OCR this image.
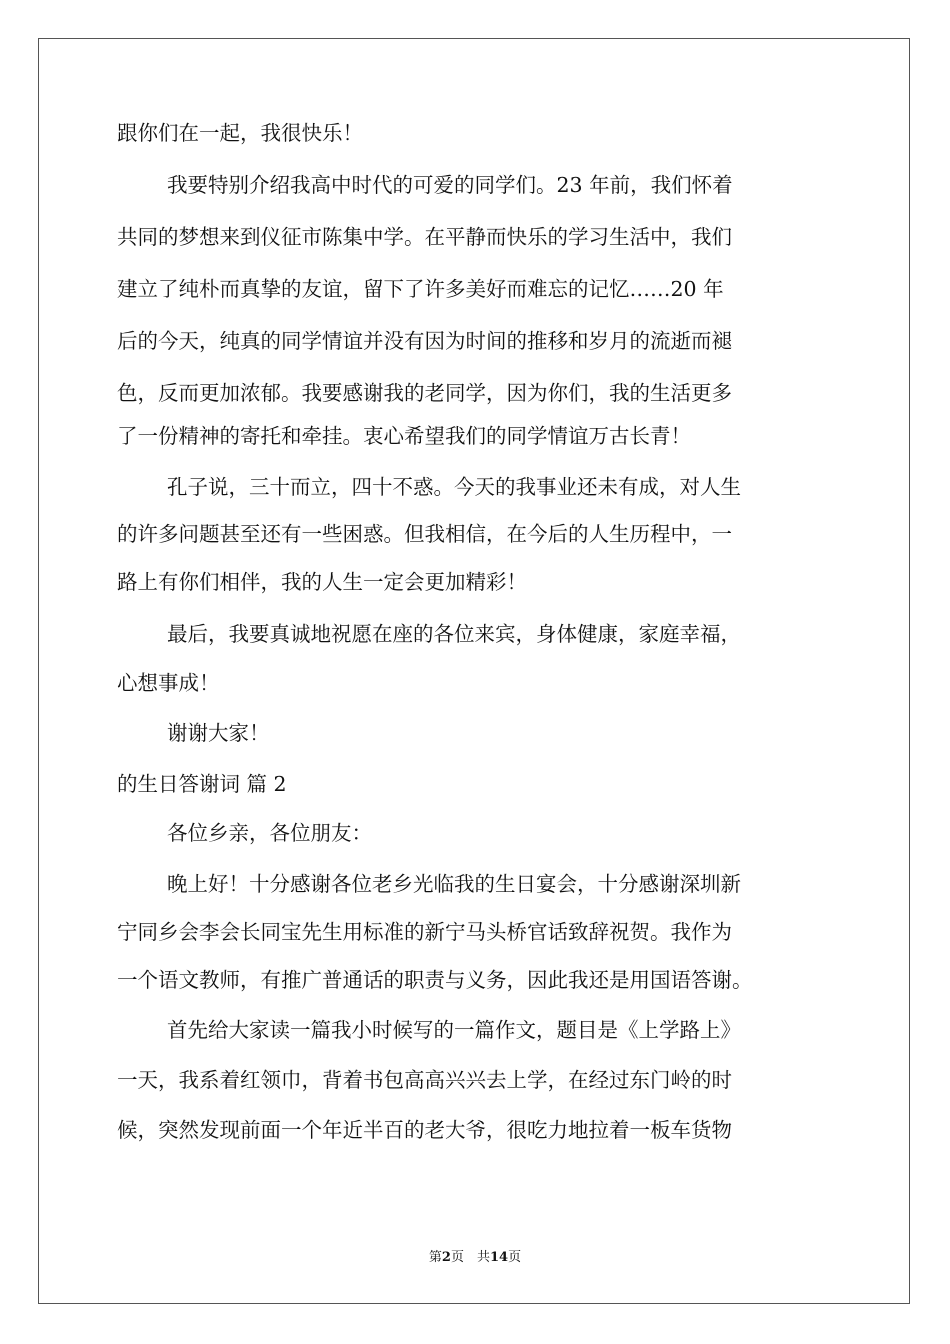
跟你们在一起，我很快乐！
我要特别介绍我高中时代的可爱的同学们。23 年前，我们怀着
共同的梦想来到仪征市陈集中学。在平静而快乐的学习生活中，我们
建立了纯朴而真挚的友谊，留下了许多美好而难忘的记忆……20 年
后的今天，纯真的同学情谊并没有因为时间的推移和岁月的流逝而褪
色，反而更加浓郁。我要感谢我的老同学，因为你们，我的生活更多
了一份精神的寄托和牵挂。衷心希望我们的同学情谊万古长青！
孔子说，三十而立，四十不惑。今天的我事业还未有成，对人生
的许多问题甚至还有一些困惑。但我相信，在今后的人生历程中，一
路上有你们相伴，我的人生一定会更加精彩！
最后，我要真诚地祝愿在座的各位来宾，身体健康，家庭幸福，
心想事成！
谢谢大家！
的生日答谢词 篇 2
各位乡亲，各位朋友：
晚上好！十分感谢各位老乡光临我的生日宴会，十分感谢深圳新
宁同乡会李会长同宝先生用标准的新宁马头桥官话致辞祝贺。我作为
一个语文教师，有推广普通话的职责与义务，因此我还是用国语答谢。
首先给大家读一篇我小时候写的一篇作文，题目是《上学路上》
一天，我系着红领巾，背着书包高高兴兴去上学，在经过东门岭的时
候，突然发现前面一个年近半百的老大爷，很吃力地拉着一板车货物
第2页　共14页
